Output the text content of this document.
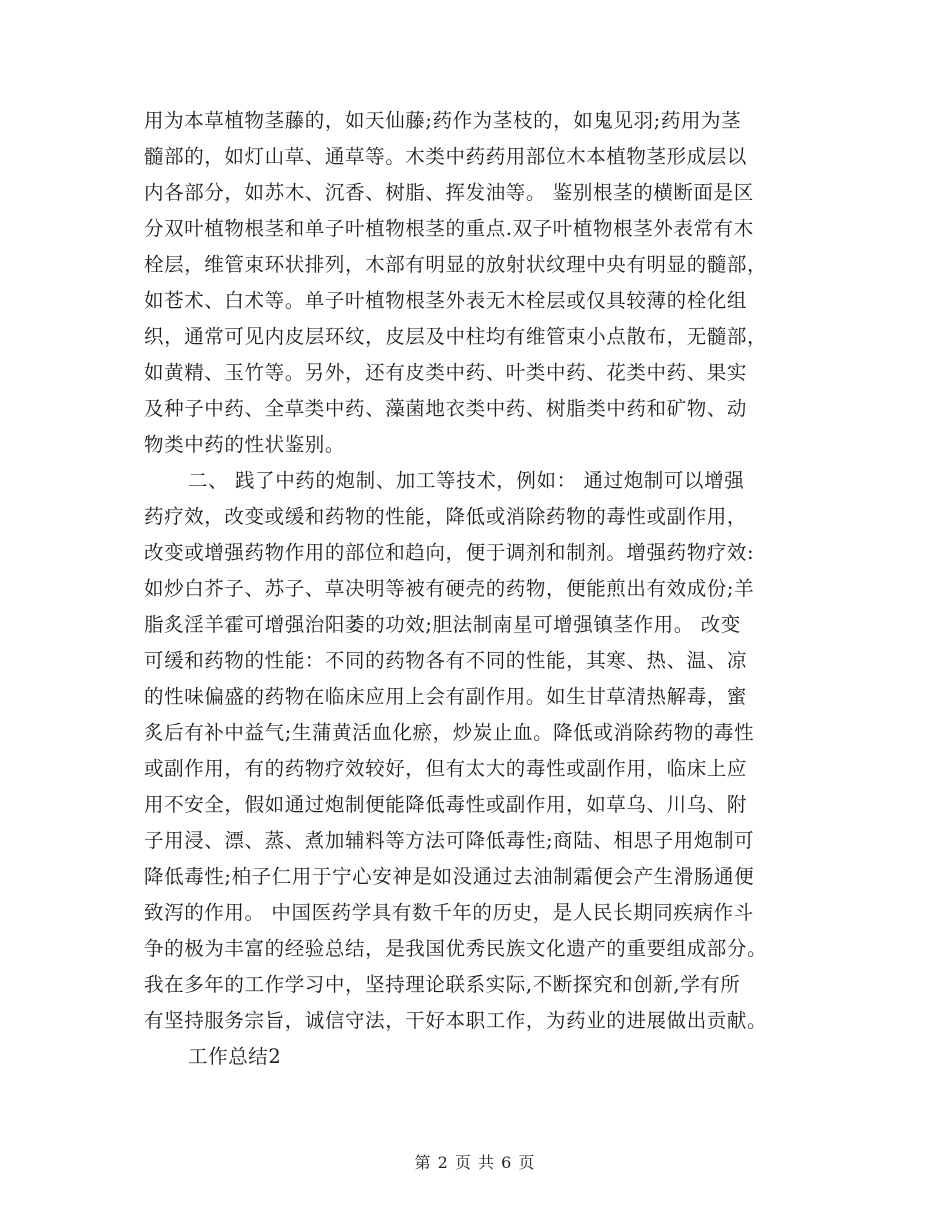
用为本草植物茎藤的，如天仙藤;药作为茎枝的，如鬼见羽;药用为茎
髓部的，如灯山草、通草等。木类中药药用部位木本植物茎形成层以
内各部分，如苏木、沉香、树脂、挥发油等。 鉴别根茎的横断面是区
分双叶植物根茎和单子叶植物根茎的重点.双子叶植物根茎外表常有木
栓层，维管束环状排列，木部有明显的放射状纹理中央有明显的髓部，
如苍术、白术等。单子叶植物根茎外表无木栓层或仅具较薄的栓化组
织，通常可见内皮层环纹，皮层及中柱均有维管束小点散布，无髓部，
如黄精、玉竹等。另外，还有皮类中药、叶类中药、花类中药、果实
及种子中药、全草类中药、藻菌地衣类中药、树脂类中药和矿物、动
物类中药的性状鉴别。
二、 践了中药的炮制、加工等技术，例如： 通过炮制可以增强
药疗效，改变或缓和药物的性能，降低或消除药物的毒性或副作用，
改变或增强药物作用的部位和趋向，便于调剂和制剂。增强药物疗效:
如炒白芥子、苏子、草决明等被有硬壳的药物，便能煎出有效成份;羊
脂炙淫羊霍可增强治阳萎的功效;胆法制南星可增强镇茎作用。 改变
可缓和药物的性能：不同的药物各有不同的性能，其寒、热、温、凉
的性味偏盛的药物在临床应用上会有副作用。如生甘草清热解毒，蜜
炙后有补中益气;生蒲黄活血化瘀，炒炭止血。降低或消除药物的毒性
或副作用，有的药物疗效较好，但有太大的毒性或副作用，临床上应
用不安全，假如通过炮制便能降低毒性或副作用，如草乌、川乌、附
子用浸、漂、蒸、煮加辅料等方法可降低毒性;商陆、相思子用炮制可
降低毒性;柏子仁用于宁心安神是如没通过去油制霜便会产生滑肠通便
致泻的作用。 中国医药学具有数千年的历史，是人民长期同疾病作斗
争的极为丰富的经验总结，是我国优秀民族文化遗产的重要组成部分。
我在多年的工作学习中，坚持理论联系实际,不断探究和创新,学有所
有坚持服务宗旨，诚信守法，干好本职工作，为药业的进展做出贡献。
工作总结2
第 2 页 共 6 页
